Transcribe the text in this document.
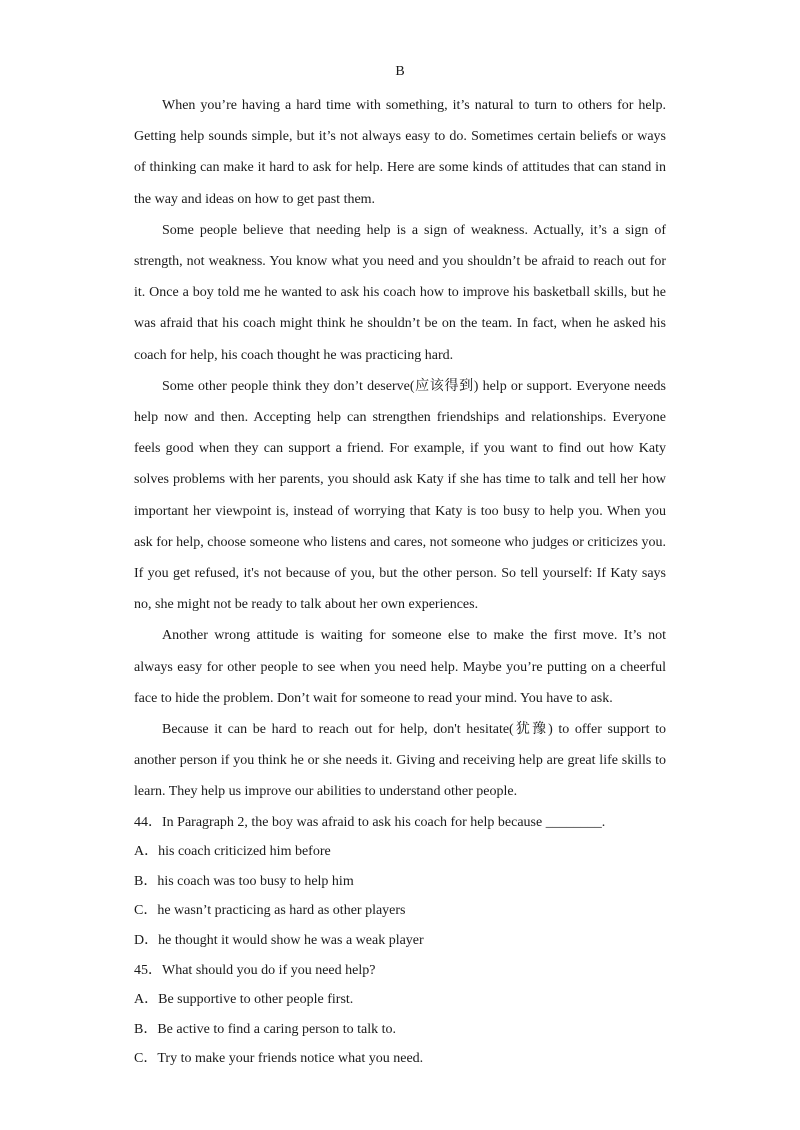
B

When you’re having a hard time with something, it’s natural to turn to others for help. Getting help sounds simple, but it’s not always easy to do. Sometimes certain beliefs or ways of thinking can make it hard to ask for help. Here are some kinds of attitudes that can stand in the way and ideas on how to get past them.

Some people believe that needing help is a sign of weakness. Actually, it’s a sign of strength, not weakness. You know what you need and you shouldn’t be afraid to reach out for it. Once a boy told me he wanted to ask his coach how to improve his basketball skills, but he was afraid that his coach might think he shouldn’t be on the team. In fact, when he asked his coach for help, his coach thought he was practicing hard.

Some other people think they don’t deserve(应该得到) help or support. Everyone needs help now and then. Accepting help can strengthen friendships and relationships. Everyone feels good when they can support a friend. For example, if you want to find out how Katy solves problems with her parents, you should ask Katy if she has time to talk and tell her how important her viewpoint is, instead of worrying that Katy is too busy to help you. When you ask for help, choose someone who listens and cares, not someone who judges or criticizes you. If you get refused, it's not because of you, but the other person. So tell yourself: If Katy says no, she might not be ready to talk about her own experiences.

Another wrong attitude is waiting for someone else to make the first move. It’s not always easy for other people to see when you need help. Maybe you’re putting on a cheerful face to hide the problem. Don’t wait for someone to read your mind. You have to ask.

Because it can be hard to reach out for help, don't hesitate(犹豫) to offer support to another person if you think he or she needs it. Giving and receiving help are great life skills to learn. They help us improve our abilities to understand other people.

44．In Paragraph 2, the boy was afraid to ask his coach for help because ________.

A．his coach criticized him before

B．his coach was too busy to help him

C．he wasn’t practicing as hard as other players

D．he thought it would show he was a weak player

45．What should you do if you need help?

A．Be supportive to other people first.

B．Be active to find a caring person to talk to.

C．Try to make your friends notice what you need.
